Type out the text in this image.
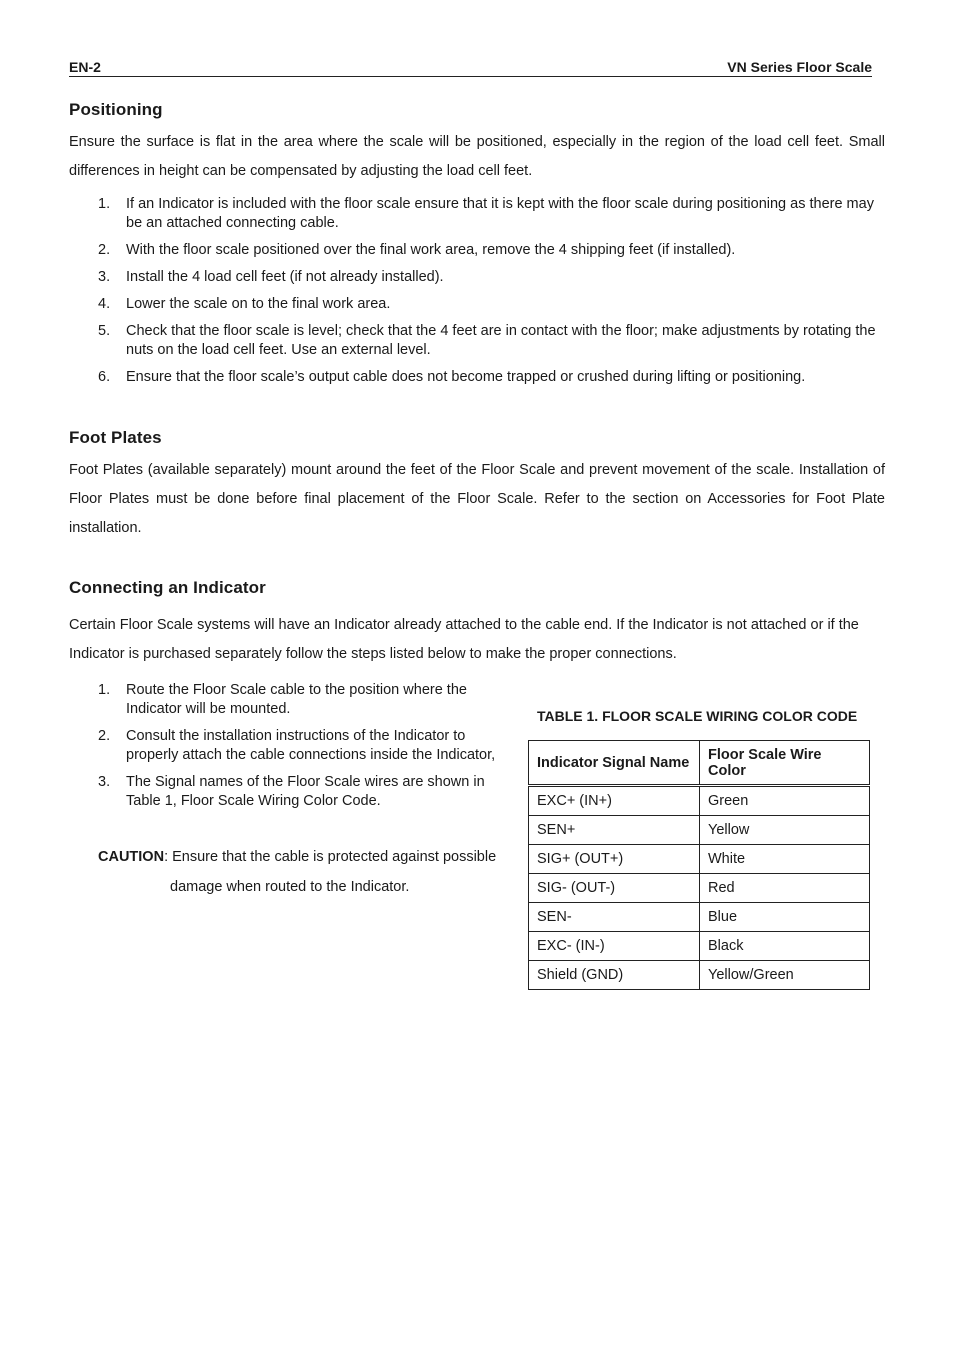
EN-2	VN Series Floor Scale
Positioning

Ensure the surface is flat in the area where the scale will be positioned, especially in the region of the load cell feet. Small differences in height can be compensated by adjusting the load cell feet.

1. If an Indicator is included with the floor scale ensure that it is kept with the floor scale during positioning as there may be an attached connecting cable.
2. With the floor scale positioned over the final work area, remove the 4 shipping feet (if installed).
3. Install the 4 load cell feet (if not already installed).
4. Lower the scale on to the final work area.
5. Check that the floor scale is level; check that the 4 feet are in contact with the floor; make adjustments by rotating the nuts on the load cell feet. Use an external level.
6. Ensure that the floor scale’s output cable does not become trapped or crushed during lifting or positioning.
Foot Plates

Foot Plates (available separately) mount around the feet of the Floor Scale and prevent movement of the scale. Installation of Floor Plates must be done before final placement of the Floor Scale. Refer to the section on Accessories for Foot Plate installation.

Connecting an Indicator

Certain Floor Scale systems will have an Indicator already attached to the cable end. If the Indicator is not attached or if the Indicator is purchased separately follow the steps listed below to make the proper connections.

1. Route the Floor Scale cable to the position where the Indicator will be mounted.
2. Consult the installation instructions of the Indicator to properly attach the cable connections inside the Indicator,
3. The Signal names of the Floor Scale wires are shown in Table 1, Floor Scale Wiring Color Code.
CAUTION: Ensure that the cable is protected against possible
damage when routed to the Indicator.
TABLE 1. FLOOR SCALE WIRING COLOR CODE
Indicator Signal Name	Floor Scale Wire Color
EXC+ (IN+)	Green
SEN+	Yellow
SIG+ (OUT+)	White
SIG- (OUT-)	Red
SEN-	Blue
EXC- (IN-)	Black
Shield (GND)	Yellow/Green
